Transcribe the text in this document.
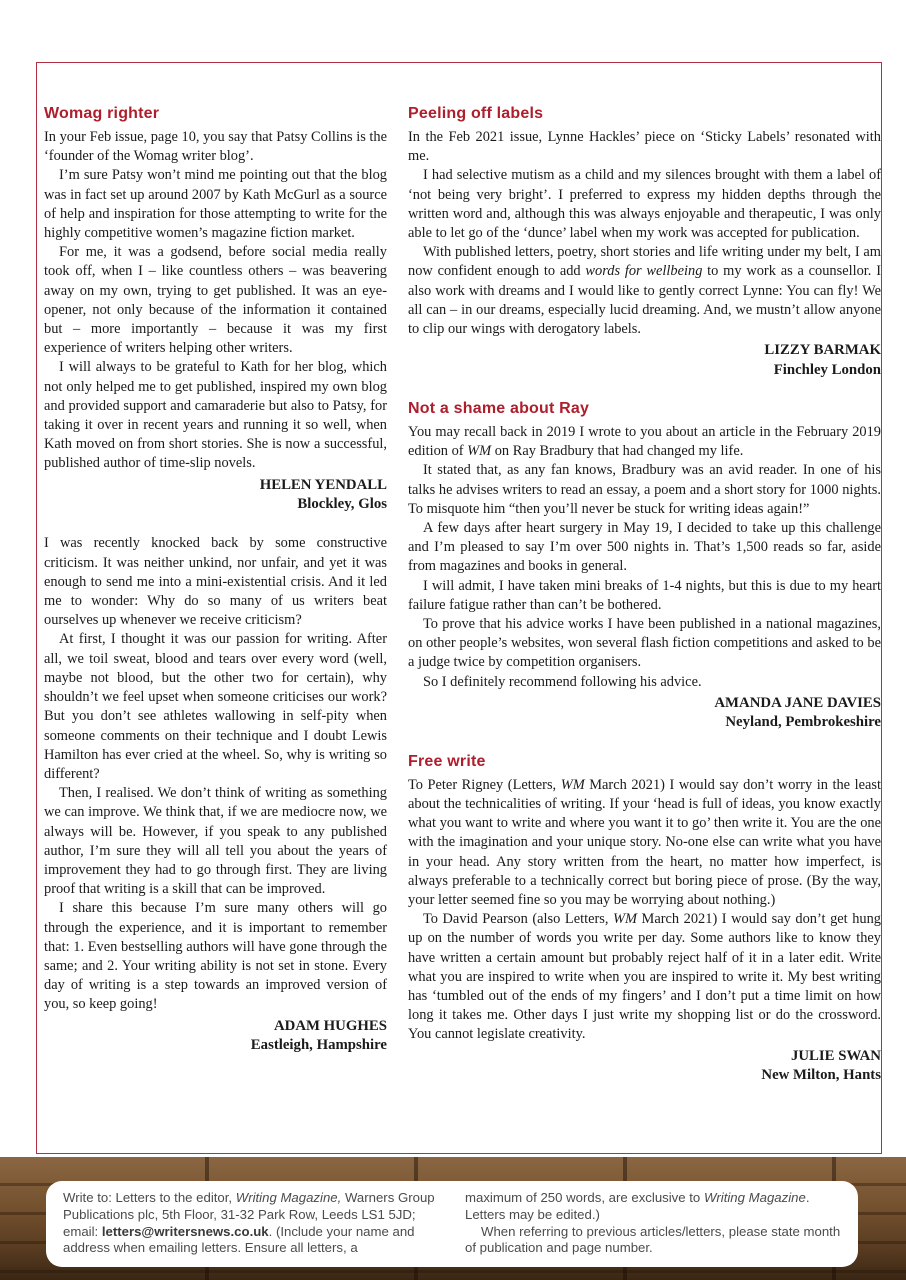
Womag righter

In your Feb issue, page 10, you say that Patsy Collins is the ‘founder of the Womag writer blog’.

I’m sure Patsy won’t mind me pointing out that the blog was in fact set up around 2007 by Kath McGurl as a source of help and inspiration for those attempting to write for the highly competitive women’s magazine fiction market.

For me, it was a godsend, before social media really took off, when I – like countless others – was beavering away on my own, trying to get published. It was an eye-opener, not only because of the information it contained but – more importantly – because it was my first experience of writers helping other writers.

I will always to be grateful to Kath for her blog, which not only helped me to get published, inspired my own blog and provided support and camaraderie but also to Patsy, for taking it over in recent years and running it so well, when Kath moved on from short stories. She is now a successful, published author of time-slip novels.

HELEN YENDALL
Blockley, Glos

I was recently knocked back by some constructive criticism. It was neither unkind, nor unfair, and yet it was enough to send me into a mini-existential crisis. And it led me to wonder: Why do so many of us writers beat ourselves up whenever we receive criticism?

At first, I thought it was our passion for writing. After all, we toil sweat, blood and tears over every word (well, maybe not blood, but the other two for certain), why shouldn’t we feel upset when someone criticises our work? But you don’t see athletes wallowing in self-pity when someone comments on their technique and I doubt Lewis Hamilton has ever cried at the wheel. So, why is writing so different?

Then, I realised. We don’t think of writing as something we can improve. We think that, if we are mediocre now, we always will be. However, if you speak to any published author, I’m sure they will all tell you about the years of improvement they had to go through first. They are living proof that writing is a skill that can be improved.

I share this because I’m sure many others will go through the experience, and it is important to remember that: 1. Even bestselling authors will have gone through the same; and 2. Your writing ability is not set in stone. Every day of writing is a step towards an improved version of you, so keep going!

ADAM HUGHES
Eastleigh, Hampshire
Peeling off labels

In the Feb 2021 issue, Lynne Hackles’ piece on ‘Sticky Labels’ resonated with me.

I had selective mutism as a child and my silences brought with them a label of ‘not being very bright’. I preferred to express my hidden depths through the written word and, although this was always enjoyable and therapeutic, I was only able to let go of the ‘dunce’ label when my work was accepted for publication.

With published letters, poetry, short stories and life writing under my belt, I am now confident enough to add words for wellbeing to my work as a counsellor. I also work with dreams and I would like to gently correct Lynne: You can fly! We all can – in our dreams, especially lucid dreaming. And, we mustn’t allow anyone to clip our wings with derogatory labels.

LIZZY BARMAK
Finchley London
Not a shame about Ray

You may recall back in 2019 I wrote to you about an article in the February 2019 edition of WM on Ray Bradbury that had changed my life.

It stated that, as any fan knows, Bradbury was an avid reader. In one of his talks he advises writers to read an essay, a poem and a short story for 1000 nights. To misquote him “then you’ll never be stuck for writing ideas again!”

A few days after heart surgery in May 19, I decided to take up this challenge and I’m pleased to say I’m over 500 nights in. That’s 1,500 reads so far, aside from magazines and books in general.

I will admit, I have taken mini breaks of 1-4 nights, but this is due to my heart failure fatigue rather than can’t be bothered.

To prove that his advice works I have been published in a national magazines, on other people’s websites, won several flash fiction competitions and asked to be a judge twice by competition organisers.

So I definitely recommend following his advice.

AMANDA JANE DAVIES
Neyland, Pembrokeshire
Free write

To Peter Rigney (Letters, WM March 2021) I would say don’t worry in the least about the technicalities of writing. If your ‘head is full of ideas, you know exactly what you want to write and where you want it to go’ then write it. You are the one with the imagination and your unique story. No-one else can write what you have in your head. Any story written from the heart, no matter how imperfect, is always preferable to a technically correct but boring piece of prose. (By the way, your letter seemed fine so you may be worrying about nothing.)

To David Pearson (also Letters, WM March 2021) I would say don’t get hung up on the number of words you write per day. Some authors like to know they have written a certain amount but probably reject half of it in a later edit. Write what you are inspired to write when you are inspired to write it. My best writing has ‘tumbled out of the ends of my fingers’ and I don’t put a time limit on how long it takes me. Other days I just write my shopping list or do the crossword. You cannot legislate creativity.

JULIE SWAN
New Milton, Hants

Write to: Letters to the editor, Writing Magazine, Warners Group Publications plc, 5th Floor, 31-32 Park Row, Leeds LS1 5JD; email: letters@writersnews.co.uk. (Include your name and address when emailing letters. Ensure all letters, a

maximum of 250 words, are exclusive to Writing Magazine. Letters may be edited.)

When referring to previous articles/letters, please state month of publication and page number.
